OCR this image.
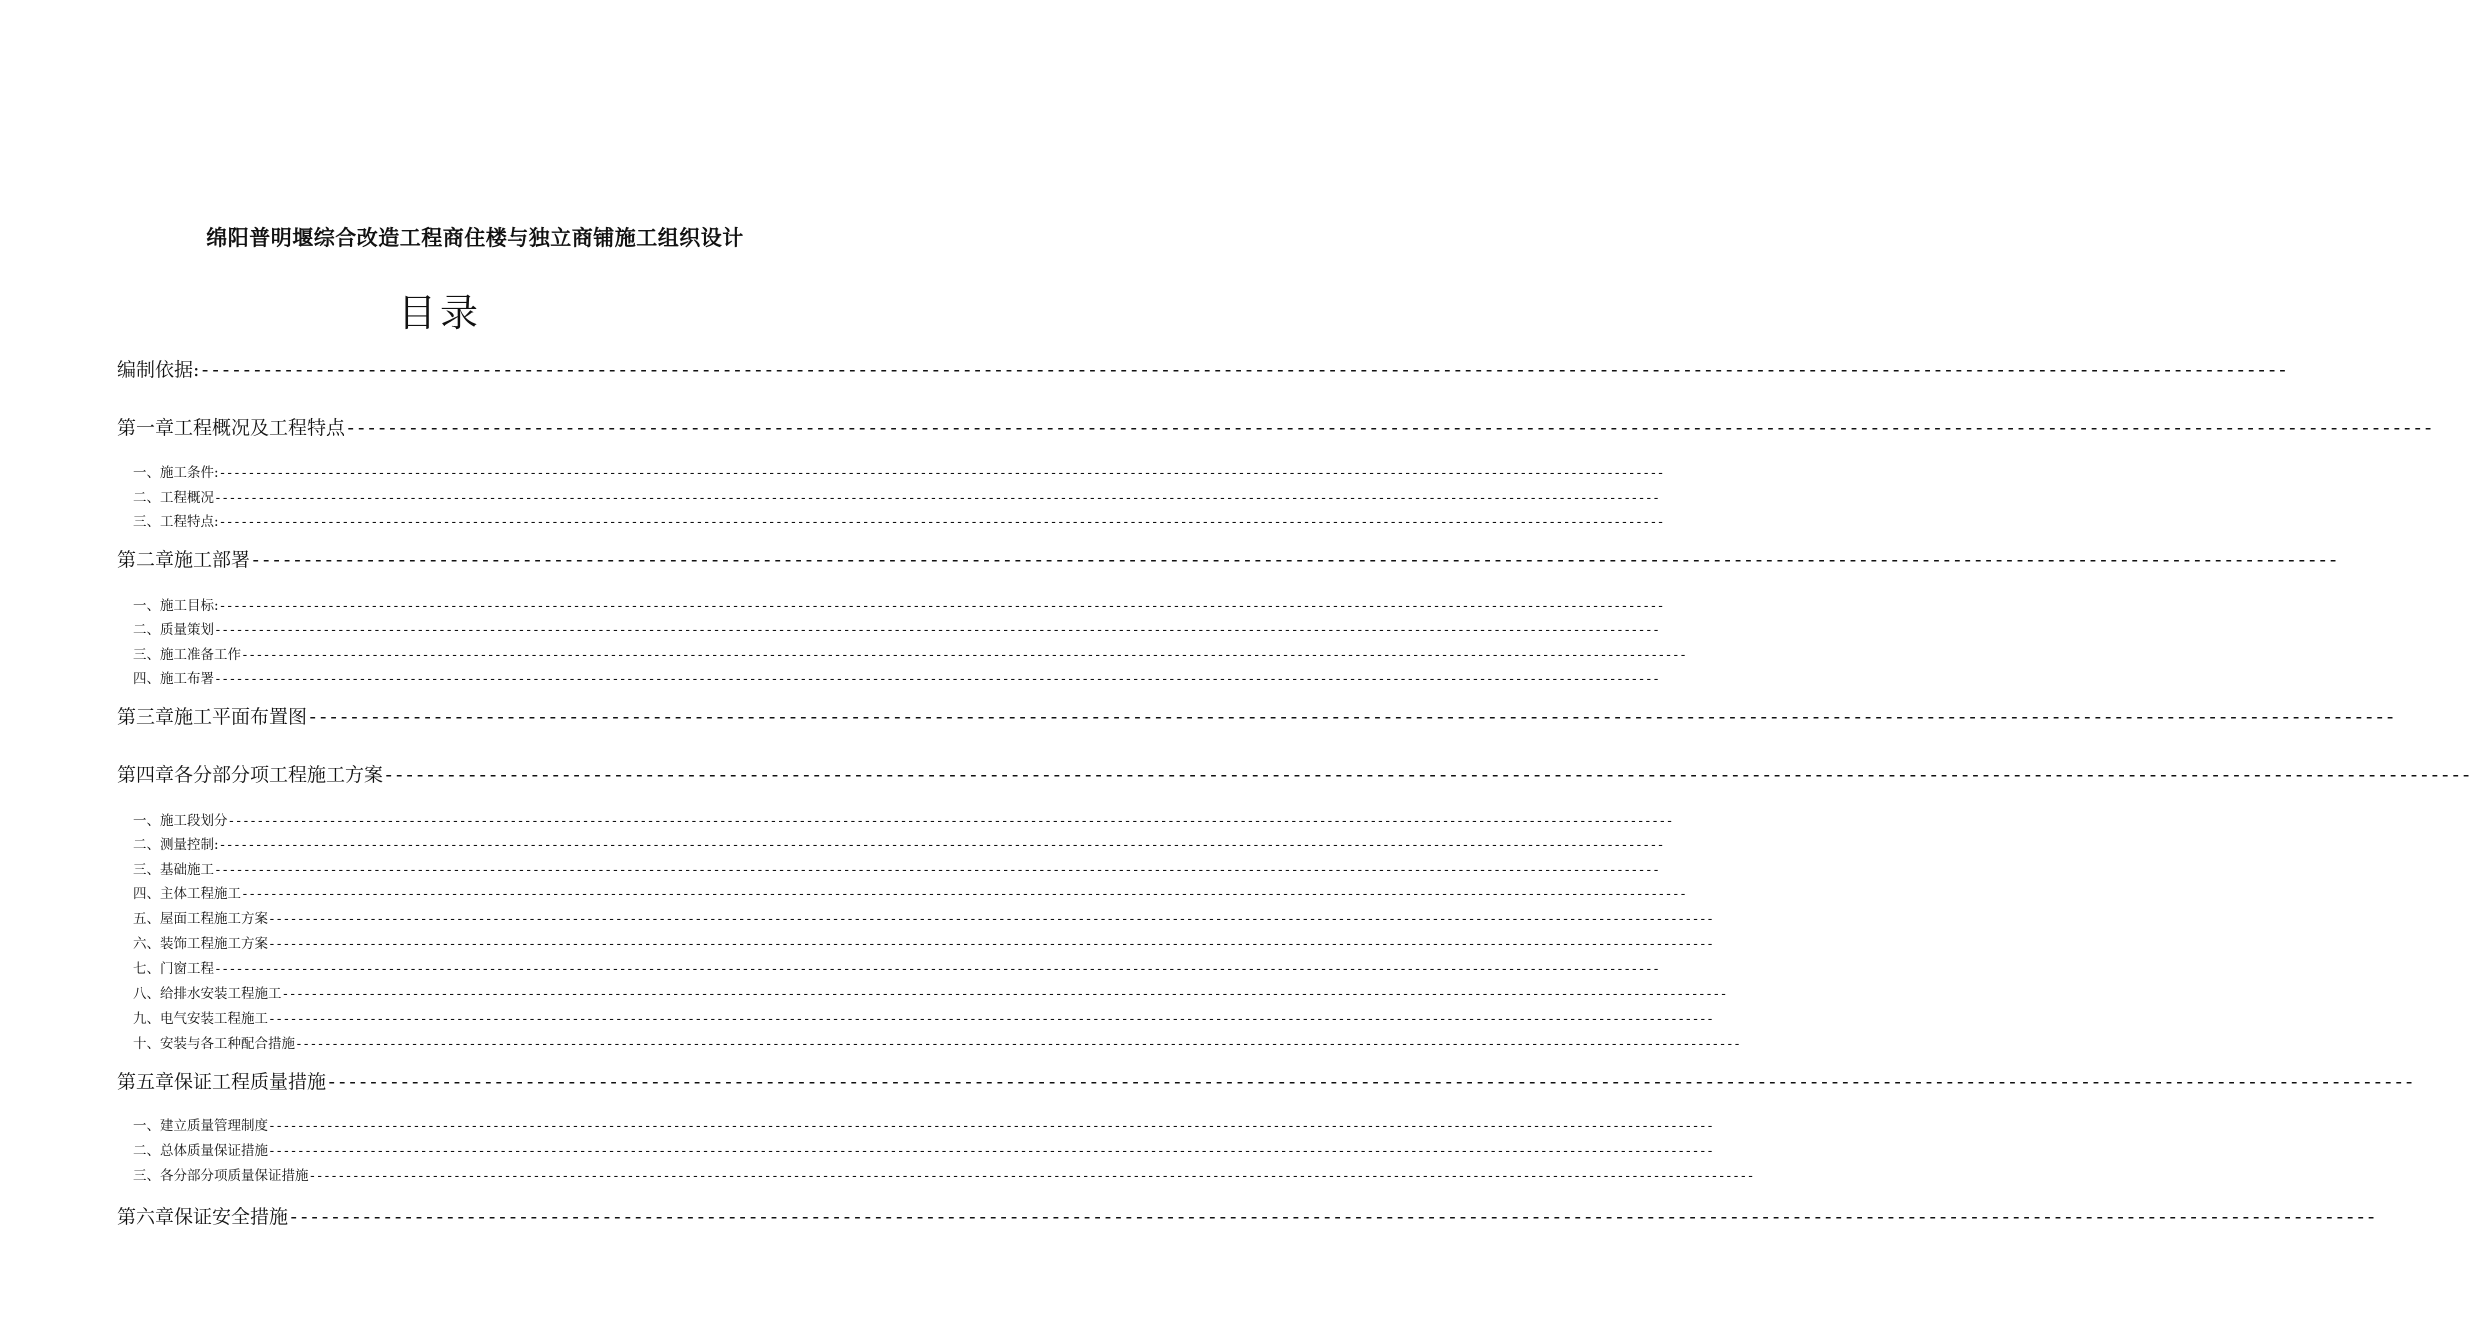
绵阳普明堰综合改造工程商住楼与独立商铺施工组织设计
目录
编制依据: --------------------------------------------------------------------------------------------------------------------------------------------------------------------------------------------------------
第一章 工程概况及工程特点 --------------------------------------------------------------------------------------------------------------------------------------------------------------------------------------------------------
一、施工条件: --------------------------------------------------------------------------------------------------------------------------------------------------------------------------------------------------------
二、工程概况 --------------------------------------------------------------------------------------------------------------------------------------------------------------------------------------------------------
三、工程特点: --------------------------------------------------------------------------------------------------------------------------------------------------------------------------------------------------------
第二章 施工部署 --------------------------------------------------------------------------------------------------------------------------------------------------------------------------------------------------------
一、施工目标: --------------------------------------------------------------------------------------------------------------------------------------------------------------------------------------------------------
二、质量策划 --------------------------------------------------------------------------------------------------------------------------------------------------------------------------------------------------------
三、施工准备工作 --------------------------------------------------------------------------------------------------------------------------------------------------------------------------------------------------------
四、施工布署 --------------------------------------------------------------------------------------------------------------------------------------------------------------------------------------------------------
第三章 施工平面布置图 --------------------------------------------------------------------------------------------------------------------------------------------------------------------------------------------------------
第四章 各分部分项工程施工方案 --------------------------------------------------------------------------------------------------------------------------------------------------------------------------------------------------------
一、施工段划分 --------------------------------------------------------------------------------------------------------------------------------------------------------------------------------------------------------
二、测量控制: --------------------------------------------------------------------------------------------------------------------------------------------------------------------------------------------------------
三、基础施工 --------------------------------------------------------------------------------------------------------------------------------------------------------------------------------------------------------
四、主体工程施工 --------------------------------------------------------------------------------------------------------------------------------------------------------------------------------------------------------
五、屋面工程施工方案 --------------------------------------------------------------------------------------------------------------------------------------------------------------------------------------------------------
六、装饰工程施工方案 --------------------------------------------------------------------------------------------------------------------------------------------------------------------------------------------------------
七、门窗工程 --------------------------------------------------------------------------------------------------------------------------------------------------------------------------------------------------------
八、给排水安装工程施工 --------------------------------------------------------------------------------------------------------------------------------------------------------------------------------------------------------
九、电气安装工程施工 --------------------------------------------------------------------------------------------------------------------------------------------------------------------------------------------------------
十、安装与各工种配合措施 --------------------------------------------------------------------------------------------------------------------------------------------------------------------------------------------------------
第五章 保证工程质量措施 --------------------------------------------------------------------------------------------------------------------------------------------------------------------------------------------------------
一、建立质量管理制度 --------------------------------------------------------------------------------------------------------------------------------------------------------------------------------------------------------
二、总体质量保证措施 --------------------------------------------------------------------------------------------------------------------------------------------------------------------------------------------------------
三、各分部分项质量保证措施 --------------------------------------------------------------------------------------------------------------------------------------------------------------------------------------------------------
第六章 保证安全措施 --------------------------------------------------------------------------------------------------------------------------------------------------------------------------------------------------------
